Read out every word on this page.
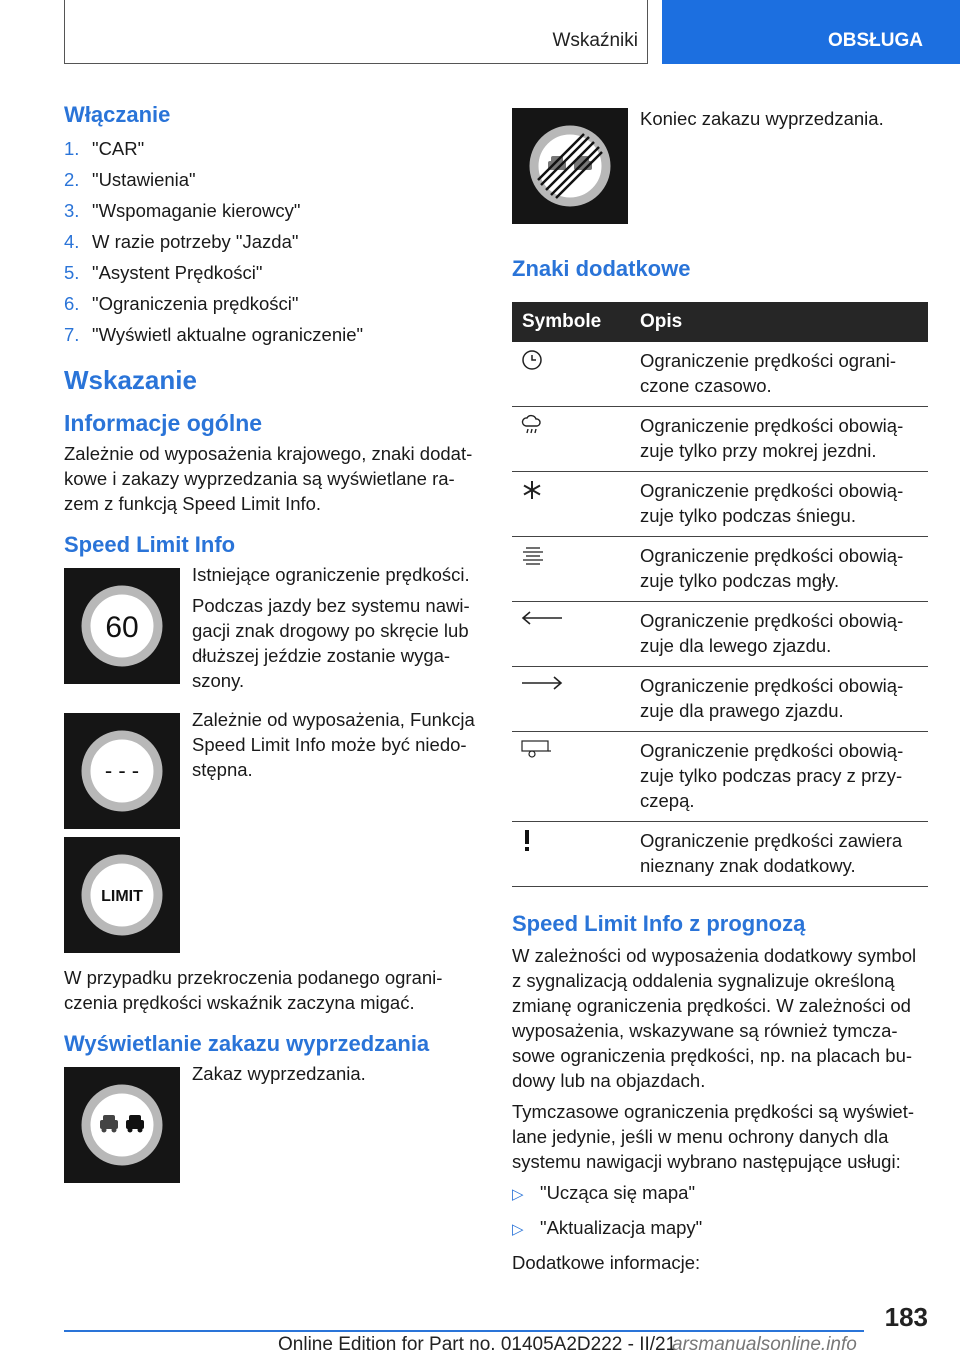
Wskaźniki	OBSŁUGA
Włączanie
1. "CAR"
2. "Ustawienia"
3. "Wspomaganie kierowcy"
4. W razie potrzeby "Jazda"
5. "Asystent Prędkości"
6. "Ograniczenia prędkości"
7. "Wyświetl aktualne ograniczenie"
Wskazanie
Informacje ogólne

Zależnie od wyposażenia krajowego, znaki dodat-kowe i zakazy wyprzedzania są wyświetlane ra-zem z funkcją Speed Limit Info.

Speed Limit Info
60

Istniejące ograniczenie prędkości.

Podczas jazdy bez systemu nawi-gacji znak drogowy po skręcie lub dłuższej jeździe zostanie wyga-szony.

- - -

Zależnie od wyposażenia, Funkcja Speed Limit Info może być niedo-stępna.

LIMIT

W przypadku przekroczenia podanego ograni-czenia prędkości wskaźnik zaczyna migać.

Wyświetlanie zakazu wyprzedzania

Zakaz wyprzedzania.

Koniec zakazu wyprzedzania.

Znaki dodatkowe
Symbole	Opis
	Ograniczenie prędkości ograni-czone czasowo.
	Ograniczenie prędkości obowią-zuje tylko przy mokrej jezdni.
	Ograniczenie prędkości obowią-zuje tylko podczas śniegu.
	Ograniczenie prędkości obowią-zuje tylko podczas mgły.
	Ograniczenie prędkości obowią-zuje dla lewego zjazdu.
	Ograniczenie prędkości obowią-zuje dla prawego zjazdu.
	Ograniczenie prędkości obowią-zuje tylko podczas pracy z przy-czepą.
	Ograniczenie prędkości zawiera nieznany znak dodatkowy.
Speed Limit Info z prognozą

W zależności od wyposażenia dodatkowy symbol z sygnalizacją oddalenia sygnalizuje określoną zmianę ograniczenia prędkości. W zależności od wyposażenia, wskazywane są również tymcza-sowe ograniczenia prędkości, np. na placach bu-dowy lub na objazdach.

Tymczasowe ograniczenia prędkości są wyświet-lane jedynie, jeśli w menu ochrony danych dla systemu nawigacji wybrano następujące usługi:

▷ "Ucząca się mapa"
▷ "Aktualizacja mapy"

Dodatkowe informacje:

183
Online Edition for Part no. 01405A2D222 - II/21
arsmanualsonline.info
